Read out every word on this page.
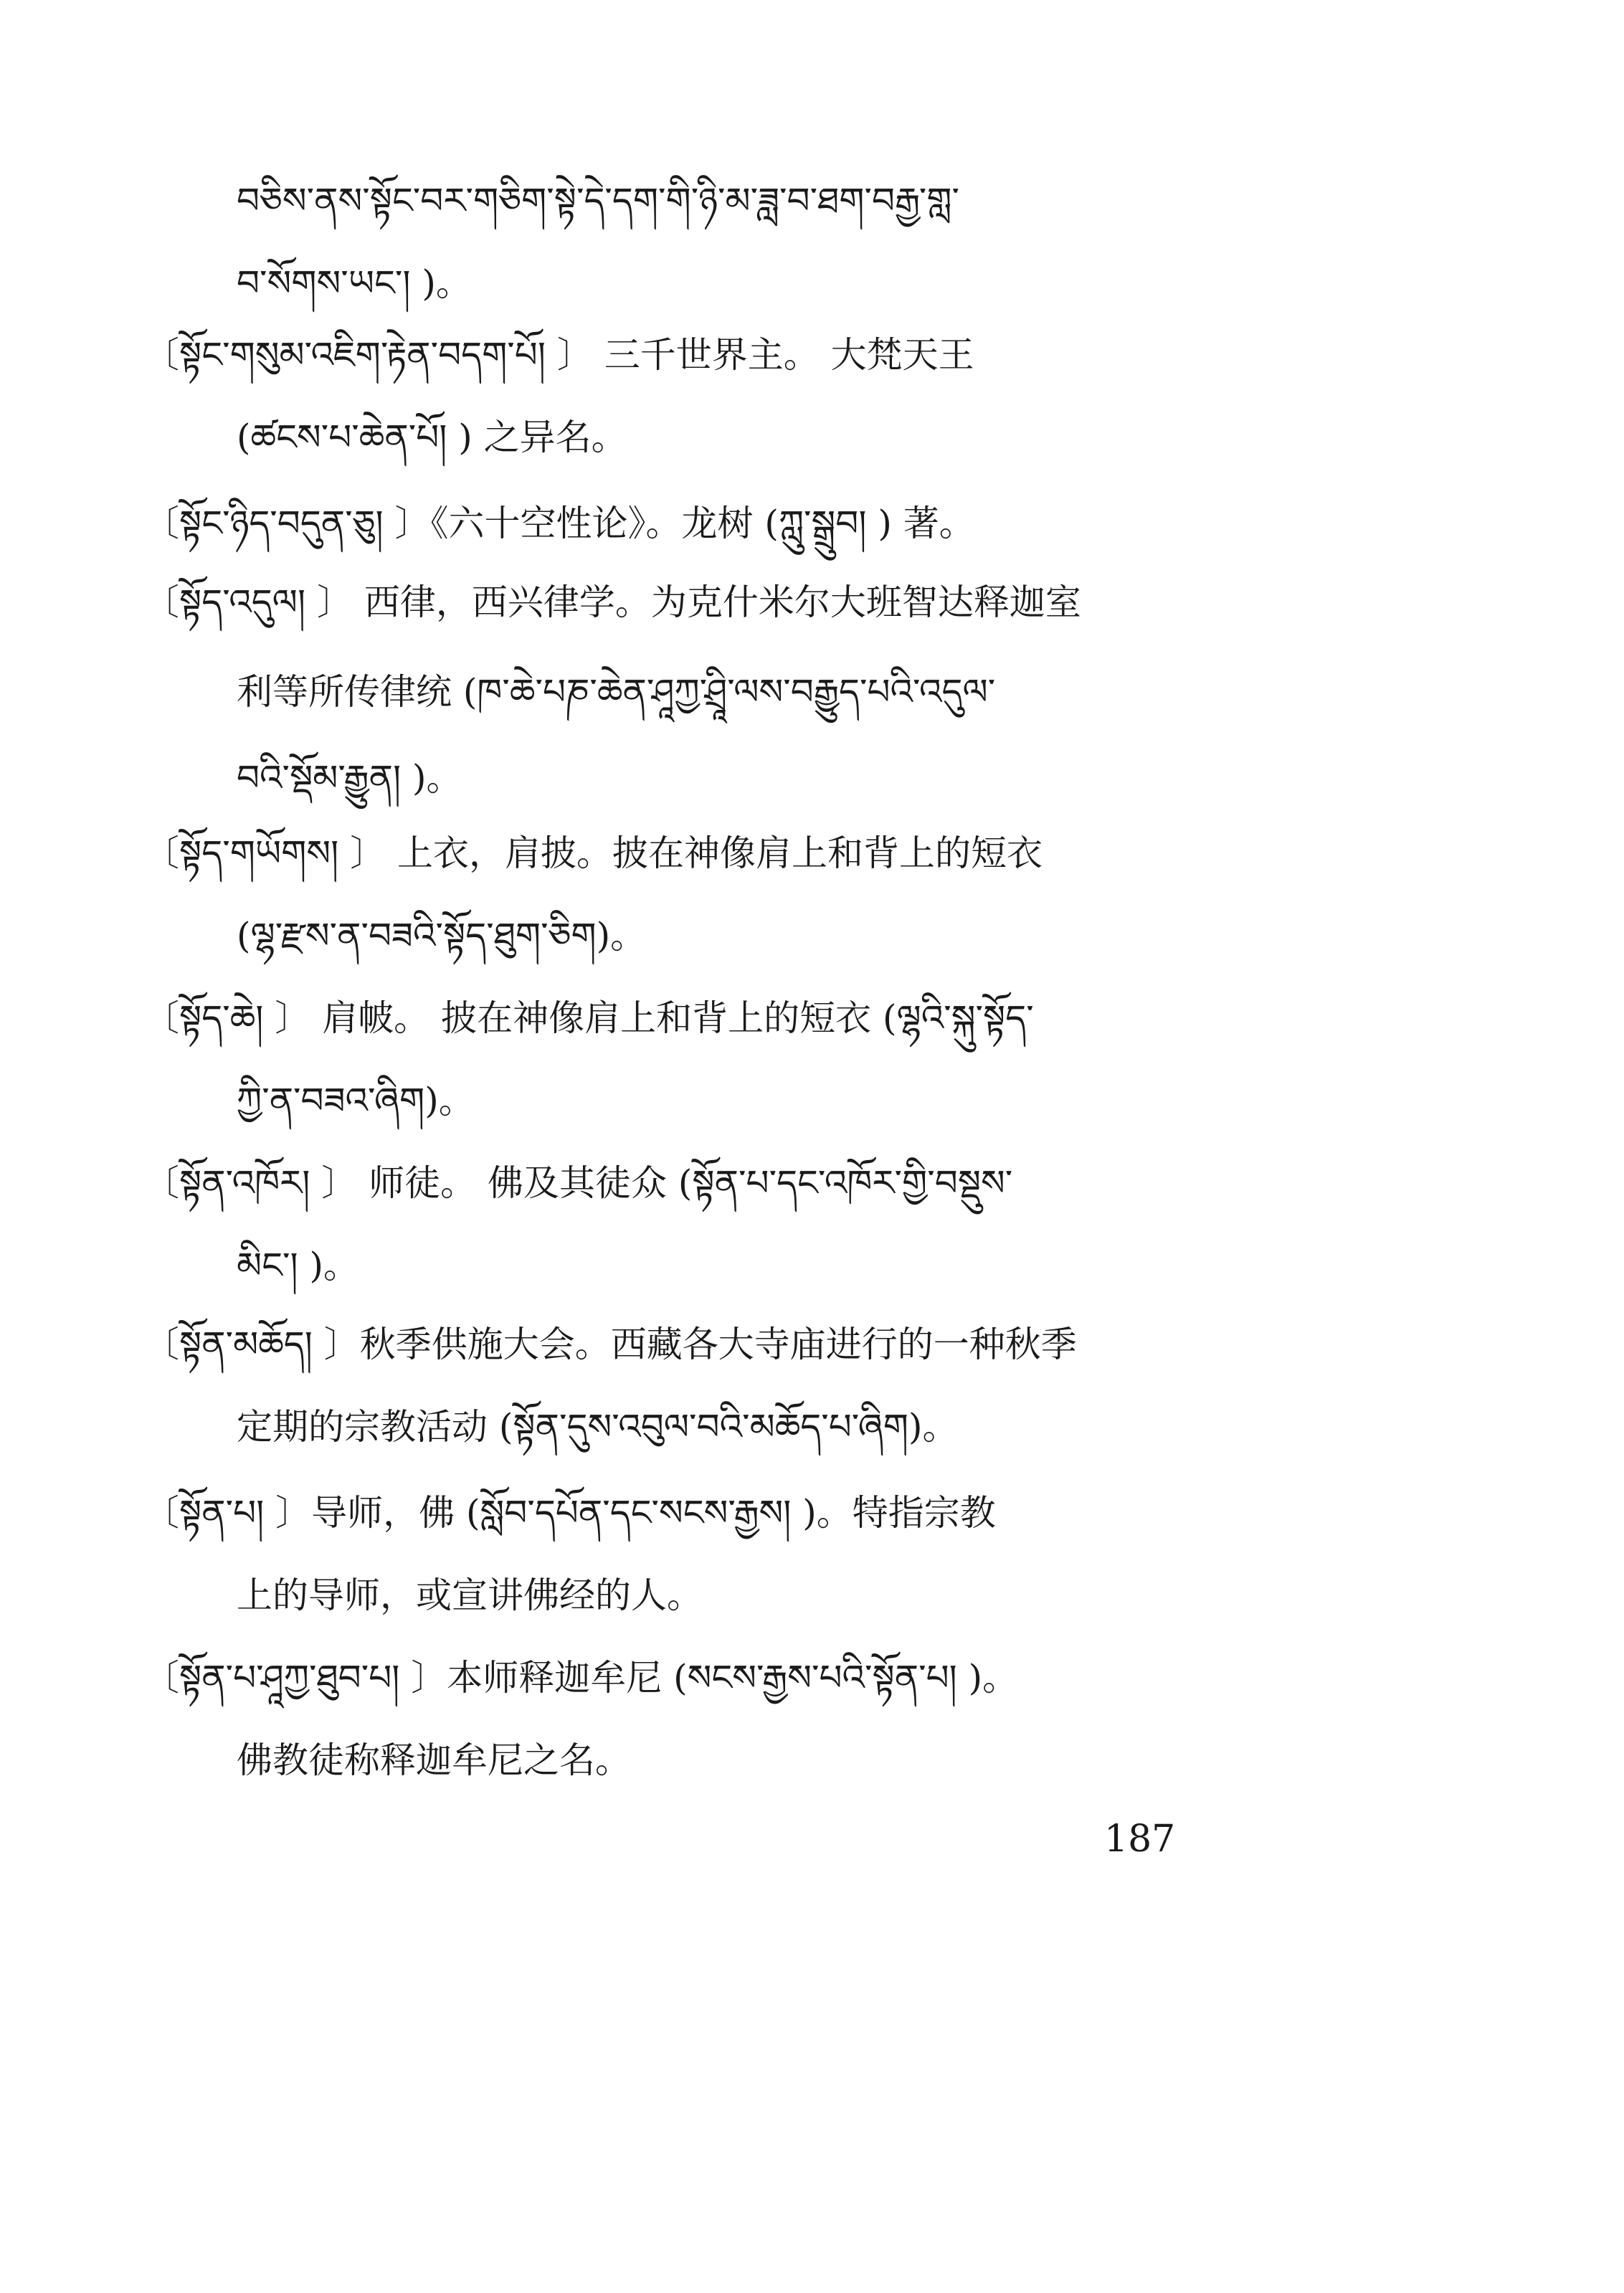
བཅིས་ནས་སྟོང་བར་གཅིག་སྟེ་དེ་དག་གི་ཉི་མ་ཟླ་བ་ཐག་བརྒྱ་གླ་
བ་སོགས་ཡང་། )。
〔སྟོང་གསུམ་འཇིག་རྟེན་བདག་པོ། 〕 三千世界主。 大梵天王
(ཚངས་པ་ཆེན་པོ། ) 之异名。
〔སྟོང་ཉིད་བདུན་ཅུ། 〕《六十空性论》。龙树 (ཀླུ་སྒྲུབ། ) 著。
〔སྟོད་འདུལ། 〕 西律，西兴律学。为克什米尔大班智达释迦室
利等所传律统 (ཁ་ཆེ་པཎ་ཆེན་ཤཱཀྱ་ཤྲཱི་ལས་བརྒྱུད་པའི་འདུལ་
བའི་སྡོམ་རྒྱུན། )。
〔སྟོད་གཡོགས། 〕 上衣，肩披。披在神像肩上和背上的短衣
(ལྷ་རྫས་ན་བཟའི་སྟོད་ཐུག་ཅིག)。
〔སྟོད་ཆེ། 〕 肩帔。 披在神像肩上和背上的短衣 (ལྷའི་སྐུ་སྟོད་
ཀྱི་ན་བཟའ་ཞིག)。
〔སྟོན་འཁོར། 〕 师徒。 佛及其徒众 (སྟོན་པ་དང་འཁོར་གྱི་བསྡུས་
མིང་། )。
〔སྟོན་མཆོད། 〕秋季供施大会。西藏各大寺庙进行的一种秋季
定期的宗教活动 (སྟོན་དུས་འབུལ་བའི་མཆོད་པ་ཞིག)。
〔སྟོན་པ། 〕导师，佛 (སློབ་དཔོན་དང་སངས་རྒྱས། )。特指宗教
上的导师，或宣讲佛经的人。
〔སྟོན་པ་ཤཱཀྱ་ཐུབ་པ། 〕本师释迦牟尼 (སངས་རྒྱས་པའི་སྟོན་པ། )。
佛教徒称释迦牟尼之名。
187
